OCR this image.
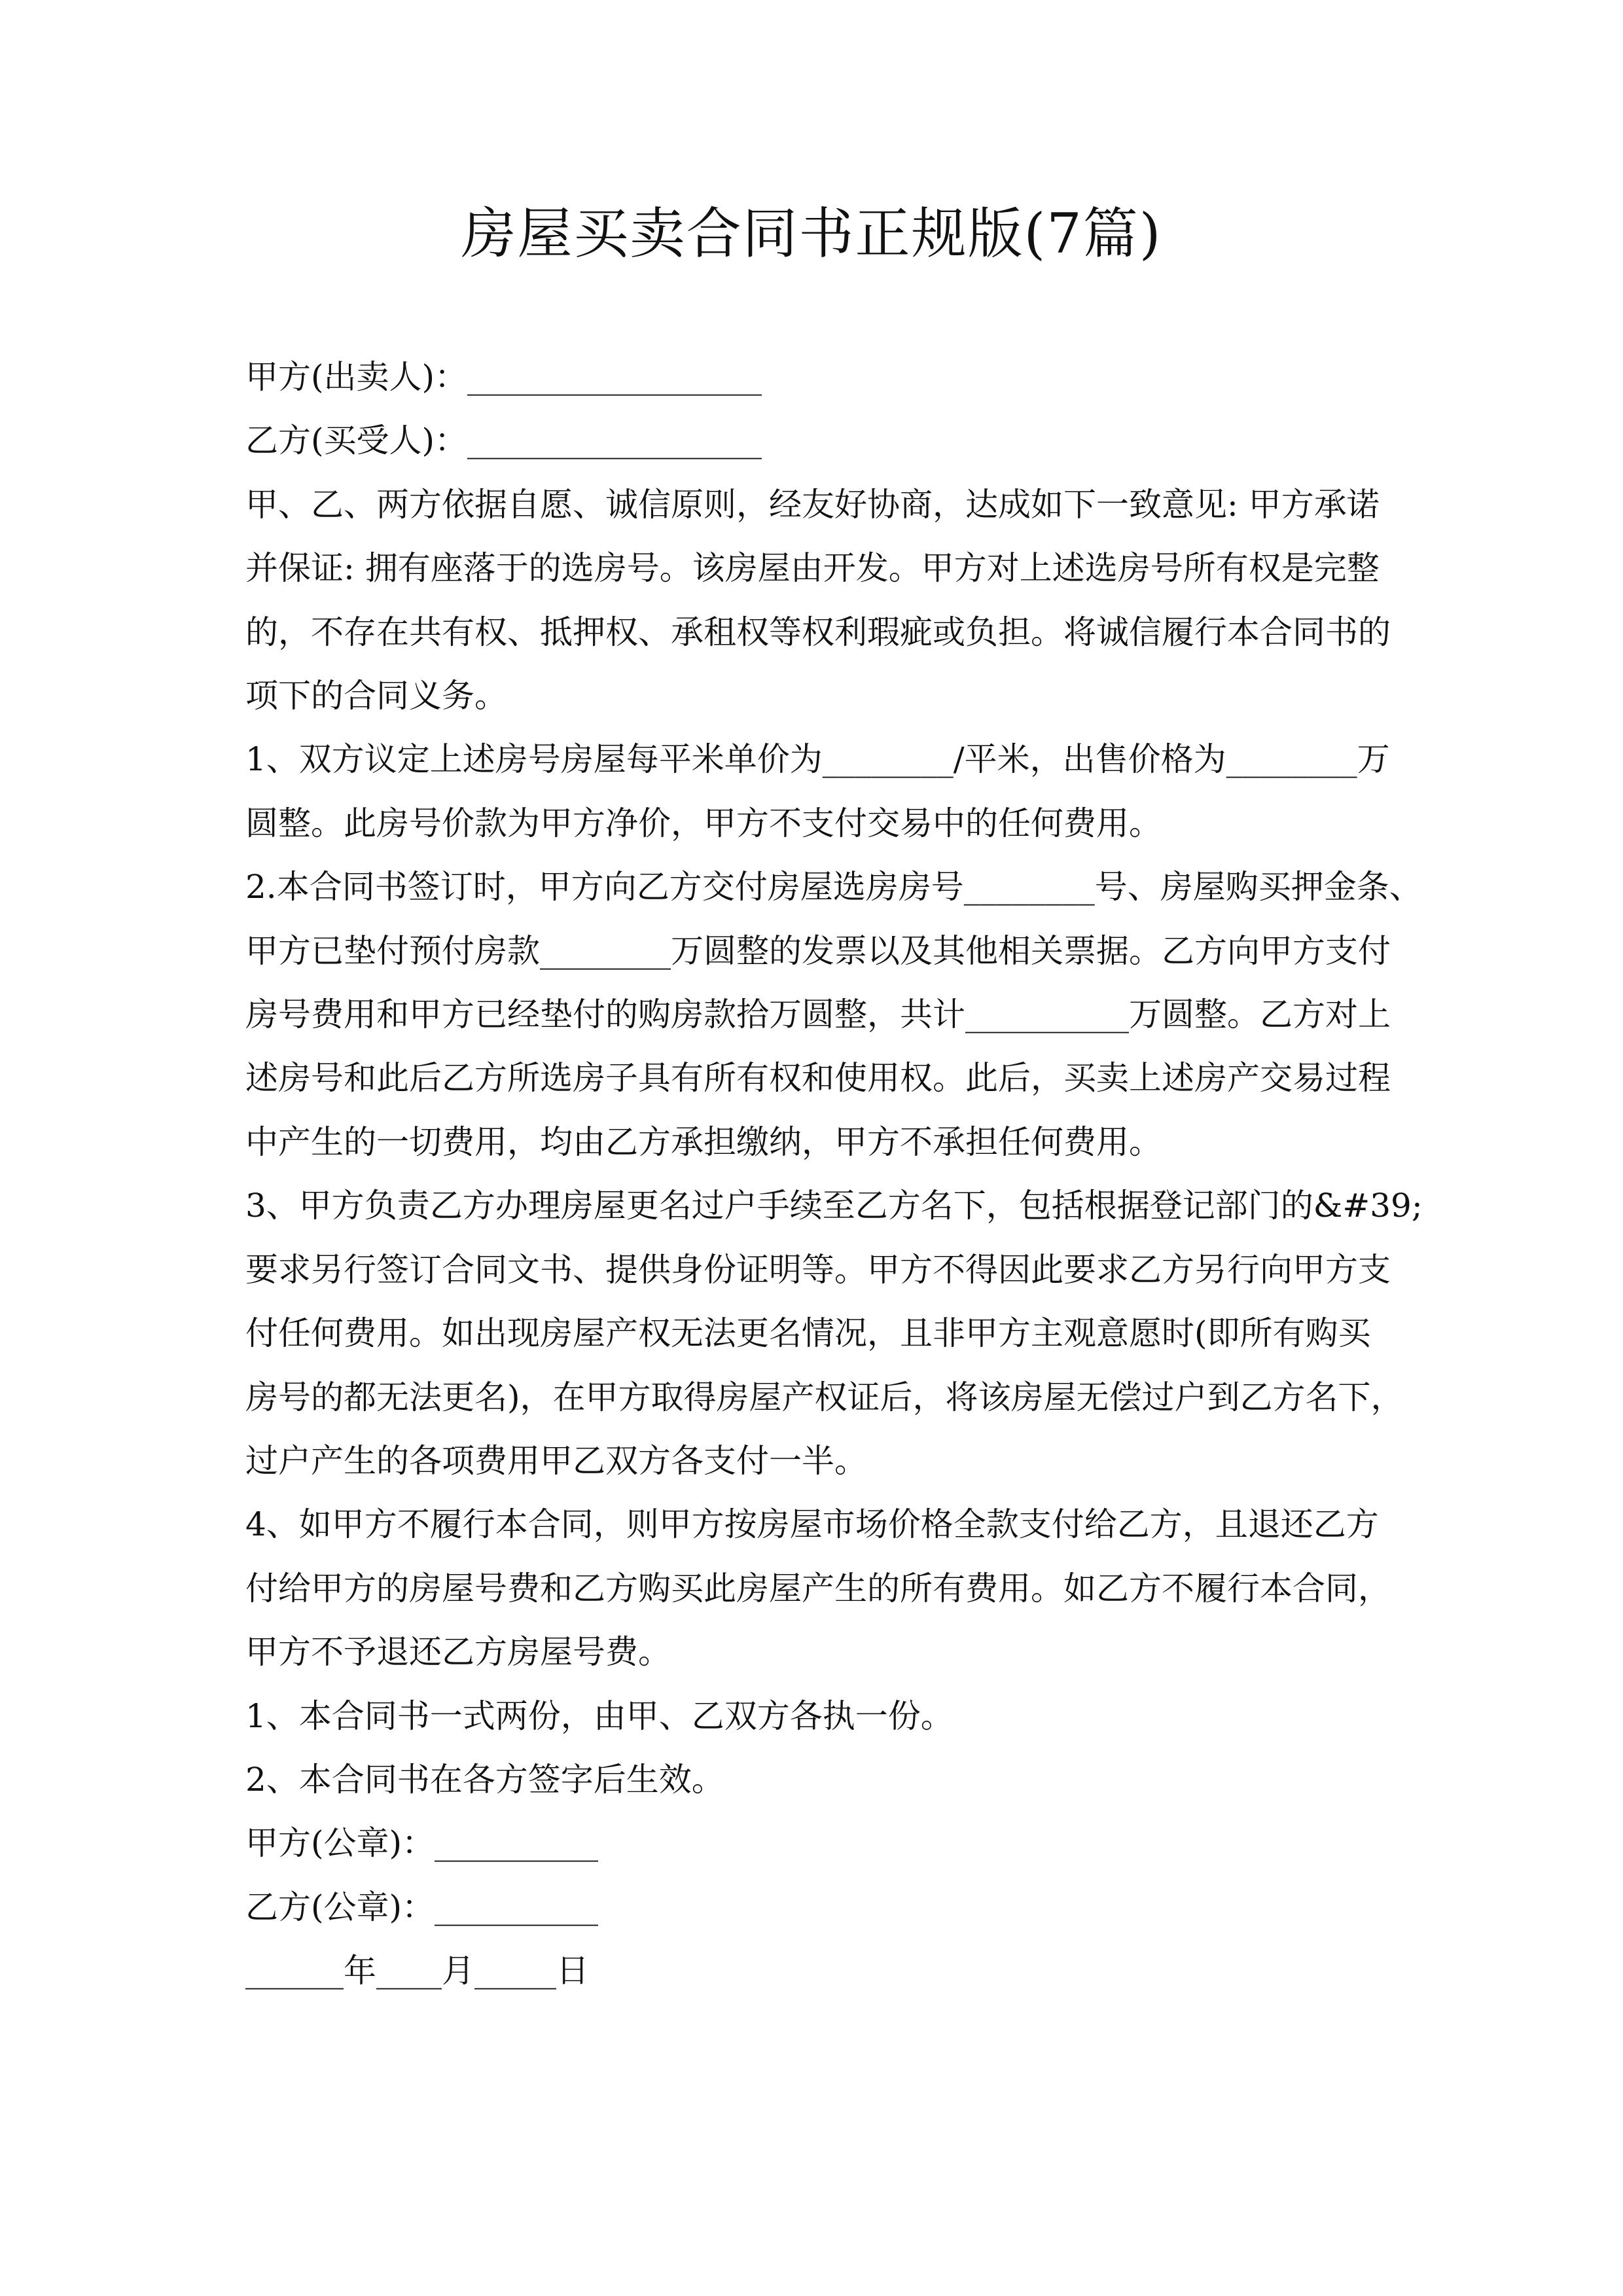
房屋买卖合同书正规版(7篇)
甲方(出卖人)：__________________
乙方(买受人)：__________________
甲、乙、两方依据自愿、诚信原则，经友好协商，达成如下一致意见: 甲方承诺
并保证: 拥有座落于的选房号。该房屋由开发。甲方对上述选房号所有权是完整
的，不存在共有权、抵押权、承租权等权利瑕疵或负担。将诚信履行本合同书的
项下的合同义务。
1、双方议定上述房号房屋每平米单价为________/平米，出售价格为________万
圆整。此房号价款为甲方净价，甲方不支付交易中的任何费用。
2.本合同书签订时，甲方向乙方交付房屋选房房号________号、房屋购买押金条、
甲方已垫付预付房款________万圆整的发票以及其他相关票据。乙方向甲方支付
房号费用和甲方已经垫付的购房款拾万圆整，共计__________万圆整。乙方对上
述房号和此后乙方所选房子具有所有权和使用权。此后，买卖上述房产交易过程
中产生的一切费用，均由乙方承担缴纳，甲方不承担任何费用。
3、甲方负责乙方办理房屋更名过户手续至乙方名下，包括根据登记部门的&#39;
要求另行签订合同文书、提供身份证明等。甲方不得因此要求乙方另行向甲方支
付任何费用。如出现房屋产权无法更名情况，且非甲方主观意愿时(即所有购买
房号的都无法更名)，在甲方取得房屋产权证后，将该房屋无偿过户到乙方名下，
过户产生的各项费用甲乙双方各支付一半。
4、如甲方不履行本合同，则甲方按房屋市场价格全款支付给乙方，且退还乙方
付给甲方的房屋号费和乙方购买此房屋产生的所有费用。如乙方不履行本合同，
甲方不予退还乙方房屋号费。
1、本合同书一式两份，由甲、乙双方各执一份。
2、本合同书在各方签字后生效。
甲方(公章)：__________
乙方(公章)：__________
______年____月_____日
